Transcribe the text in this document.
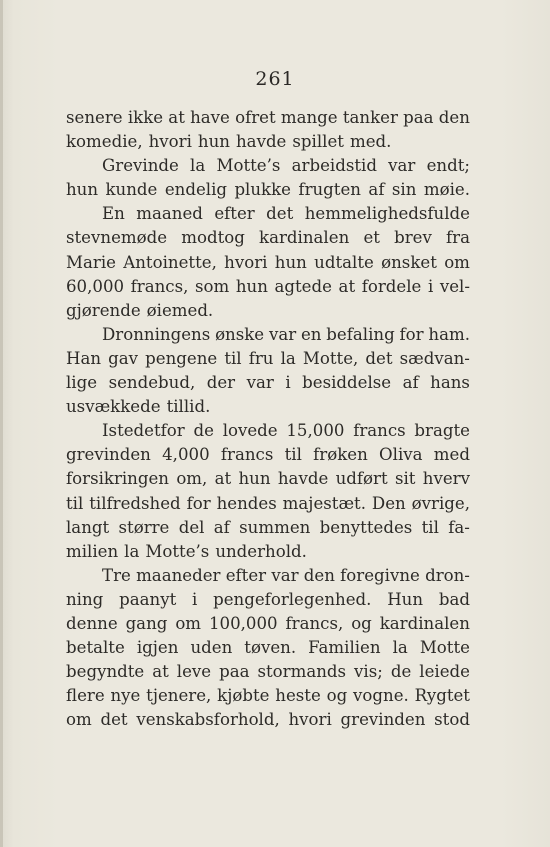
261
senere ikke at have ofret mange tanker paa den
komedie, hvori hun havde spillet med.
Grevinde la Motte’s arbeidstid var endt;
hun kunde endelig plukke frugten af sin møie.
En maaned efter det hemmelighedsfulde
stevnemøde modtog kardinalen et brev fra
Marie Antoinette, hvori hun udtalte ønsket om
60,000 francs, som hun agtede at fordele i vel-
gjørende øiemed.
Dronningens ønske var en befaling for ham.
Han gav pengene til fru la Motte, det sædvan-
lige sendebud, der var i besiddelse af hans
usvækkede tillid.
Istedetfor de lovede 15,000 francs bragte
grevinden 4,000 francs til frøken Oliva med
forsikringen om, at hun havde udført sit hverv
til tilfredshed for hendes majestæt. Den øvrige,
langt større del af summen benyttedes til fa-
milien la Motte’s underhold.
Tre maaneder efter var den foregivne dron-
ning paanyt i pengeforlegenhed. Hun bad
denne gang om 100,000 francs, og kardinalen
betalte igjen uden tøven. Familien la Motte
begyndte at leve paa stormands vis; de leiede
flere nye tjenere, kjøbte heste og vogne. Rygtet
om det venskabsforhold, hvori grevinden stod
